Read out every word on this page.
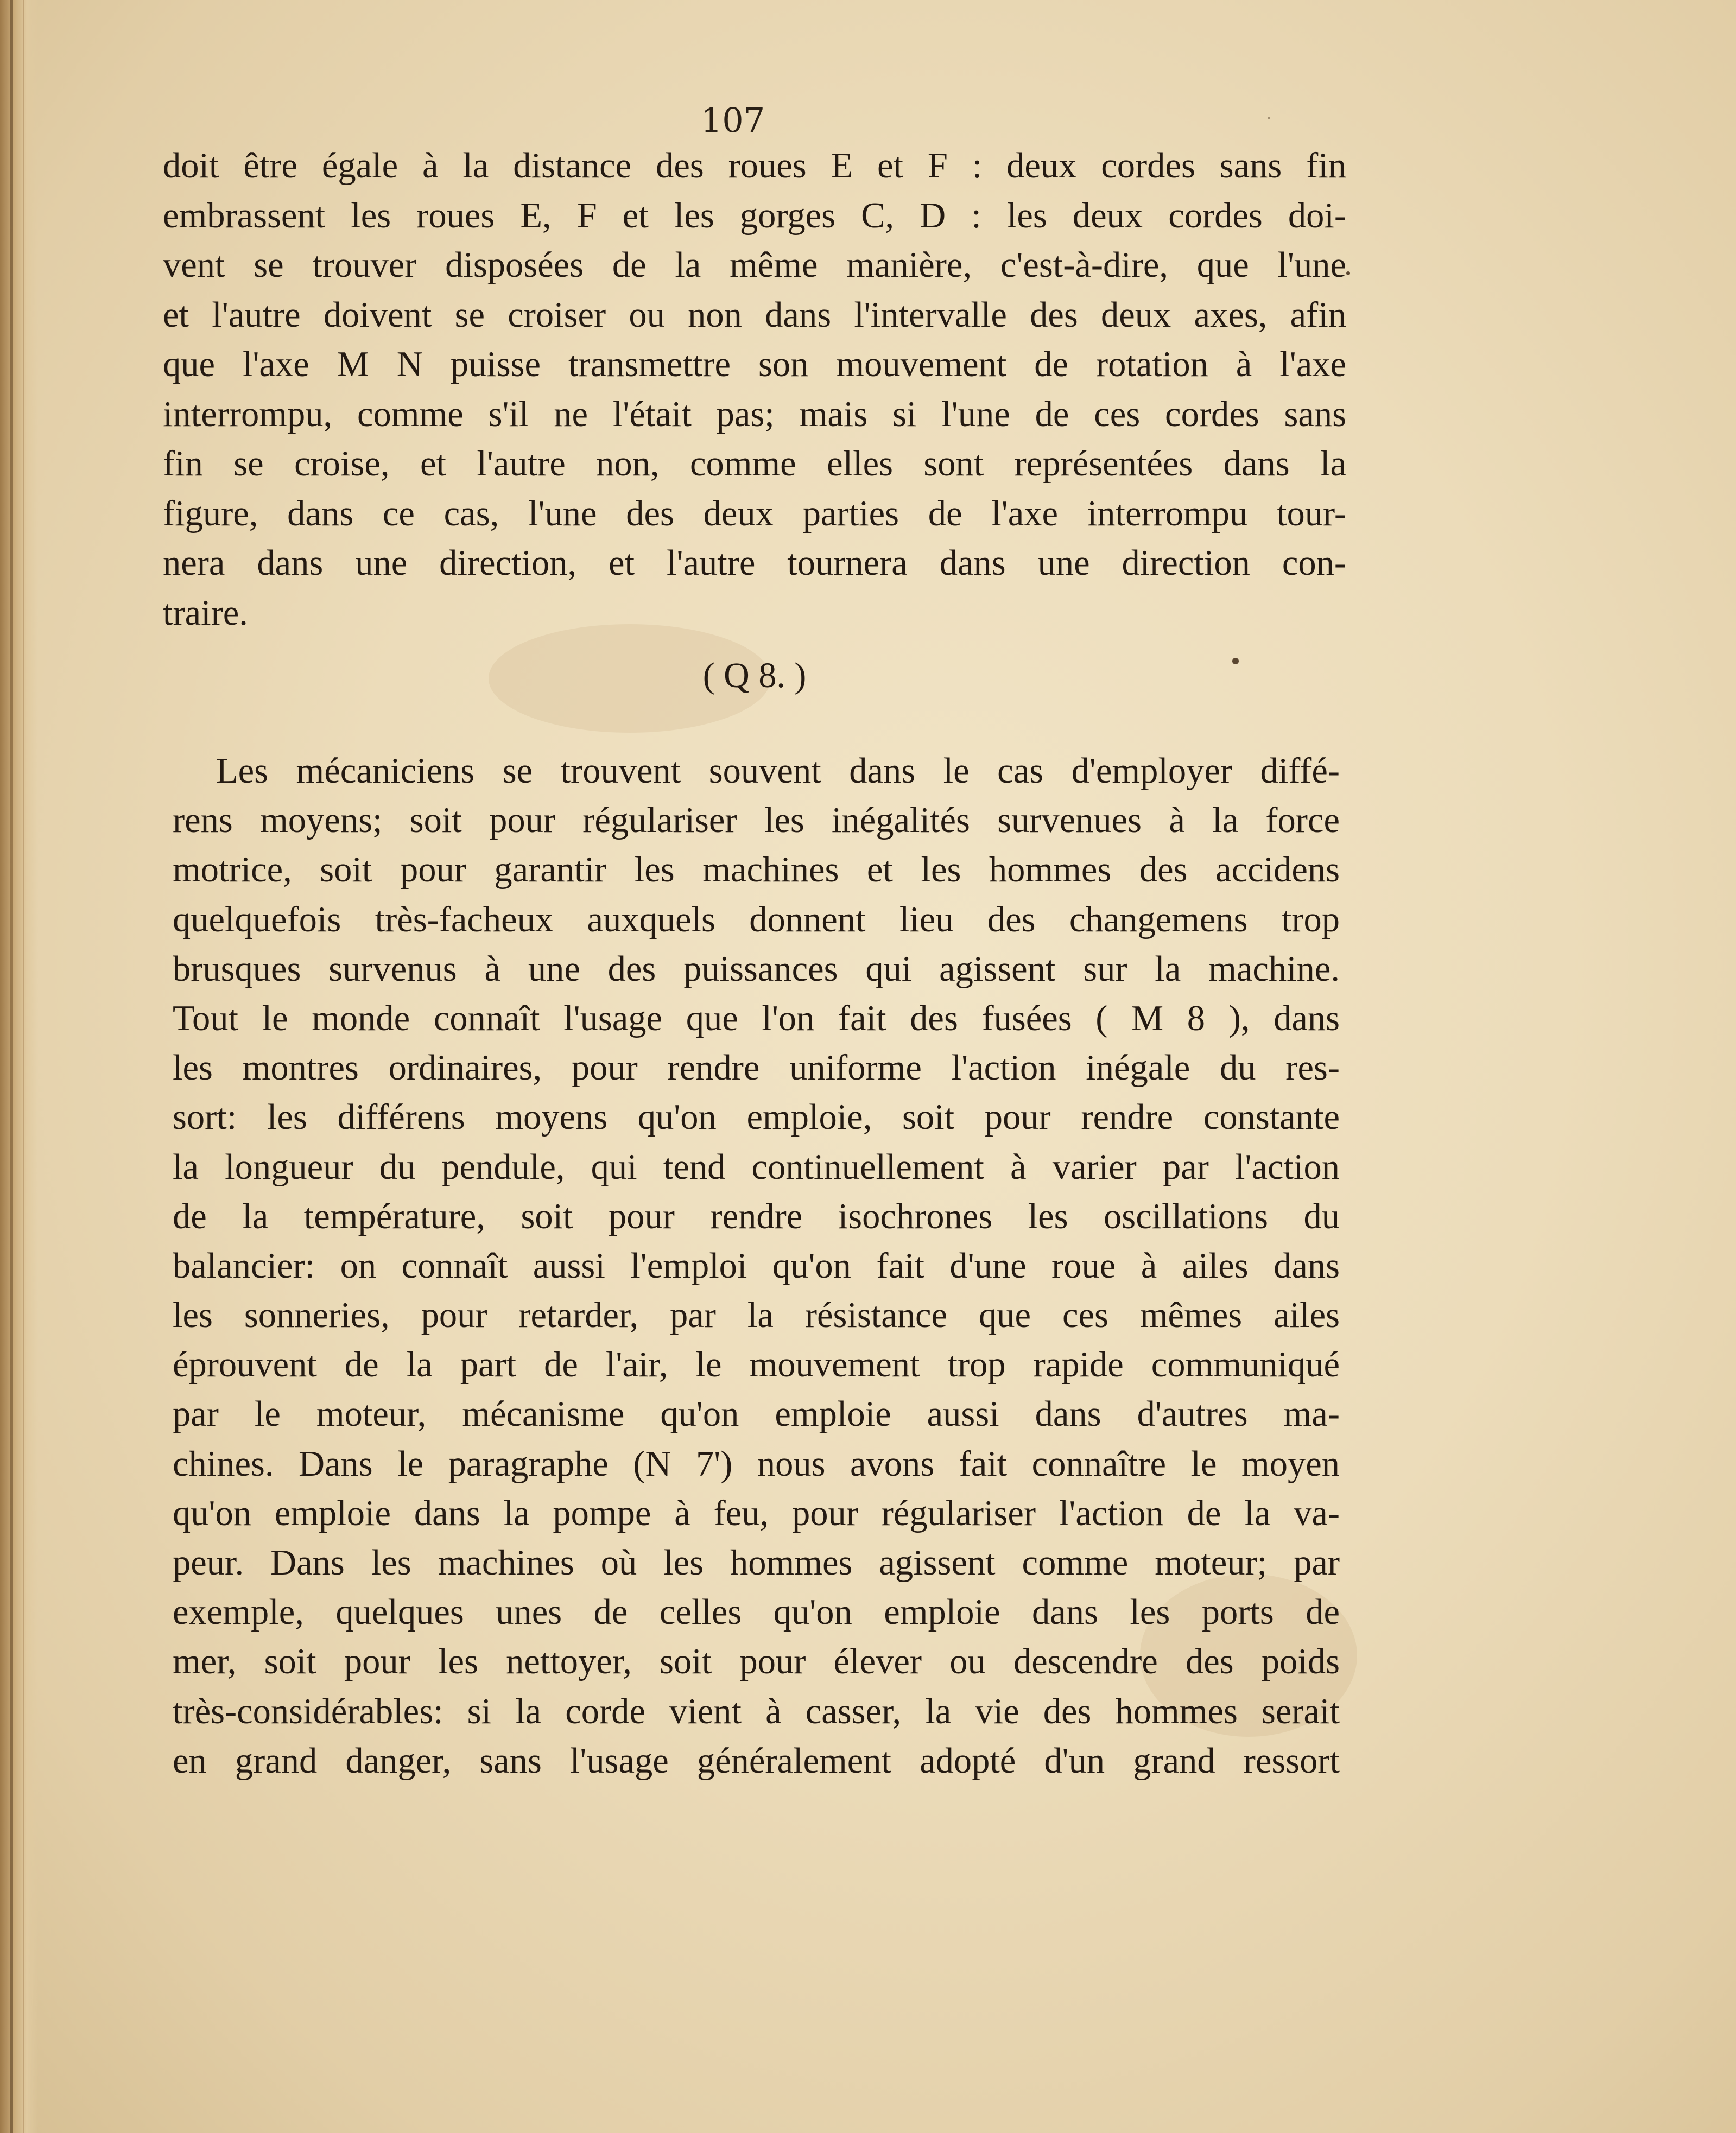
107
doit être égale à la distance des roues E et F : deux cordes sans fin
embrassent les roues E, F et les gorges C, D : les deux cordes doi-
vent se trouver disposées de la même manière, c'est-à-dire, que l'une
et l'autre doivent se croiser ou non dans l'intervalle des deux axes, afin
que l'axe M N puisse transmettre son mouvement de rotation à l'axe
interrompu, comme s'il ne l'était pas; mais si l'une de ces cordes sans
fin se croise, et l'autre non, comme elles sont représentées dans la
figure, dans ce cas, l'une des deux parties de l'axe interrompu tour-
nera dans une direction, et l'autre tournera dans une direction con-
traire.
( Q 8. )
Les mécaniciens se trouvent souvent dans le cas d'employer diffé-
rens moyens; soit pour régulariser les inégalités survenues à la force
motrice, soit pour garantir les machines et les hommes des accidens
quelquefois très-facheux auxquels donnent lieu des changemens trop
brusques survenus à une des puissances qui agissent sur la machine.
Tout le monde connaît l'usage que l'on fait des fusées ( M 8 ), dans
les montres ordinaires, pour rendre uniforme l'action inégale du res-
sort: les différens moyens qu'on emploie, soit pour rendre constante
la longueur du pendule, qui tend continuellement à varier par l'action
de la température, soit pour rendre isochrones les oscillations du
balancier: on connaît aussi l'emploi qu'on fait d'une roue à ailes dans
les sonneries, pour retarder, par la résistance que ces mêmes ailes
éprouvent de la part de l'air, le mouvement trop rapide communiqué
par le moteur, mécanisme qu'on emploie aussi dans d'autres ma-
chines. Dans le paragraphe (N 7') nous avons fait connaître le moyen
qu'on emploie dans la pompe à feu, pour régulariser l'action de la va-
peur. Dans les machines où les hommes agissent comme moteur; par
exemple, quelques unes de celles qu'on emploie dans les ports de
mer, soit pour les nettoyer, soit pour élever ou descendre des poids
très-considérables: si la corde vient à casser, la vie des hommes serait
en grand danger, sans l'usage généralement adopté d'un grand ressort
